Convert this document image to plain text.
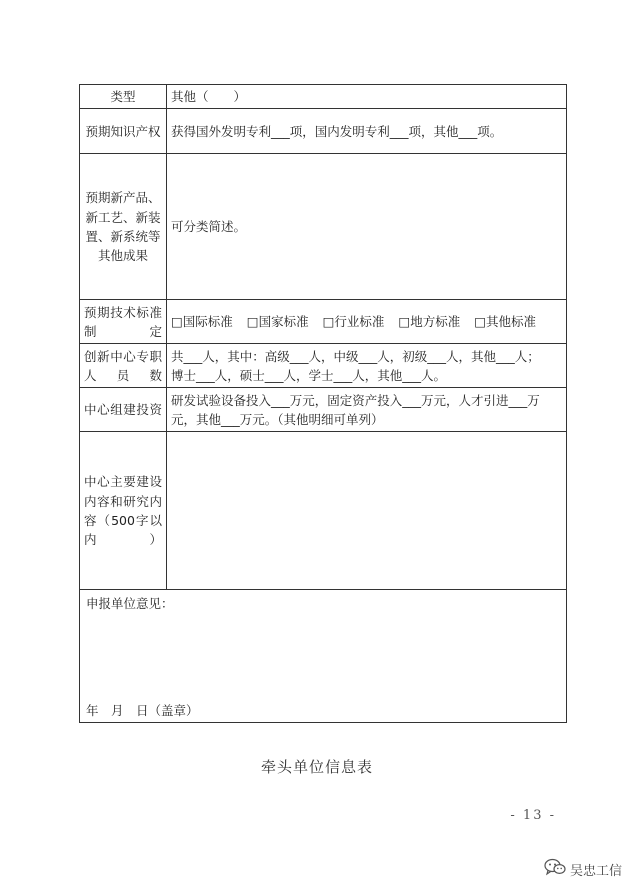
类型	其他（　　）
预期知识产权	获得国外发明专利___项，国内发明专利___项，其他___项。
预期新产品、新工艺、新装置、新系统等其他成果	可分类简述。
预期技术标准制定	□国际标准 □国家标准 □行业标准 □地方标准 □其他标准
创新中心专职人员数	共___人，其中：高级___人，中级___人，初级___人，其他___人；
博士___人，硕士___人，学士___人，其他___人。

中心组建投资	研发试验设备投入___万元，固定资产投入___万元，人才引进___万元，其他___万元。（其他明细可单列）
中心主要建设内容和研究内容（500字以内）	

申报单位意见：
年　月　日（盖章）	
牵头单位信息表
- 13 -
吴忠工信
